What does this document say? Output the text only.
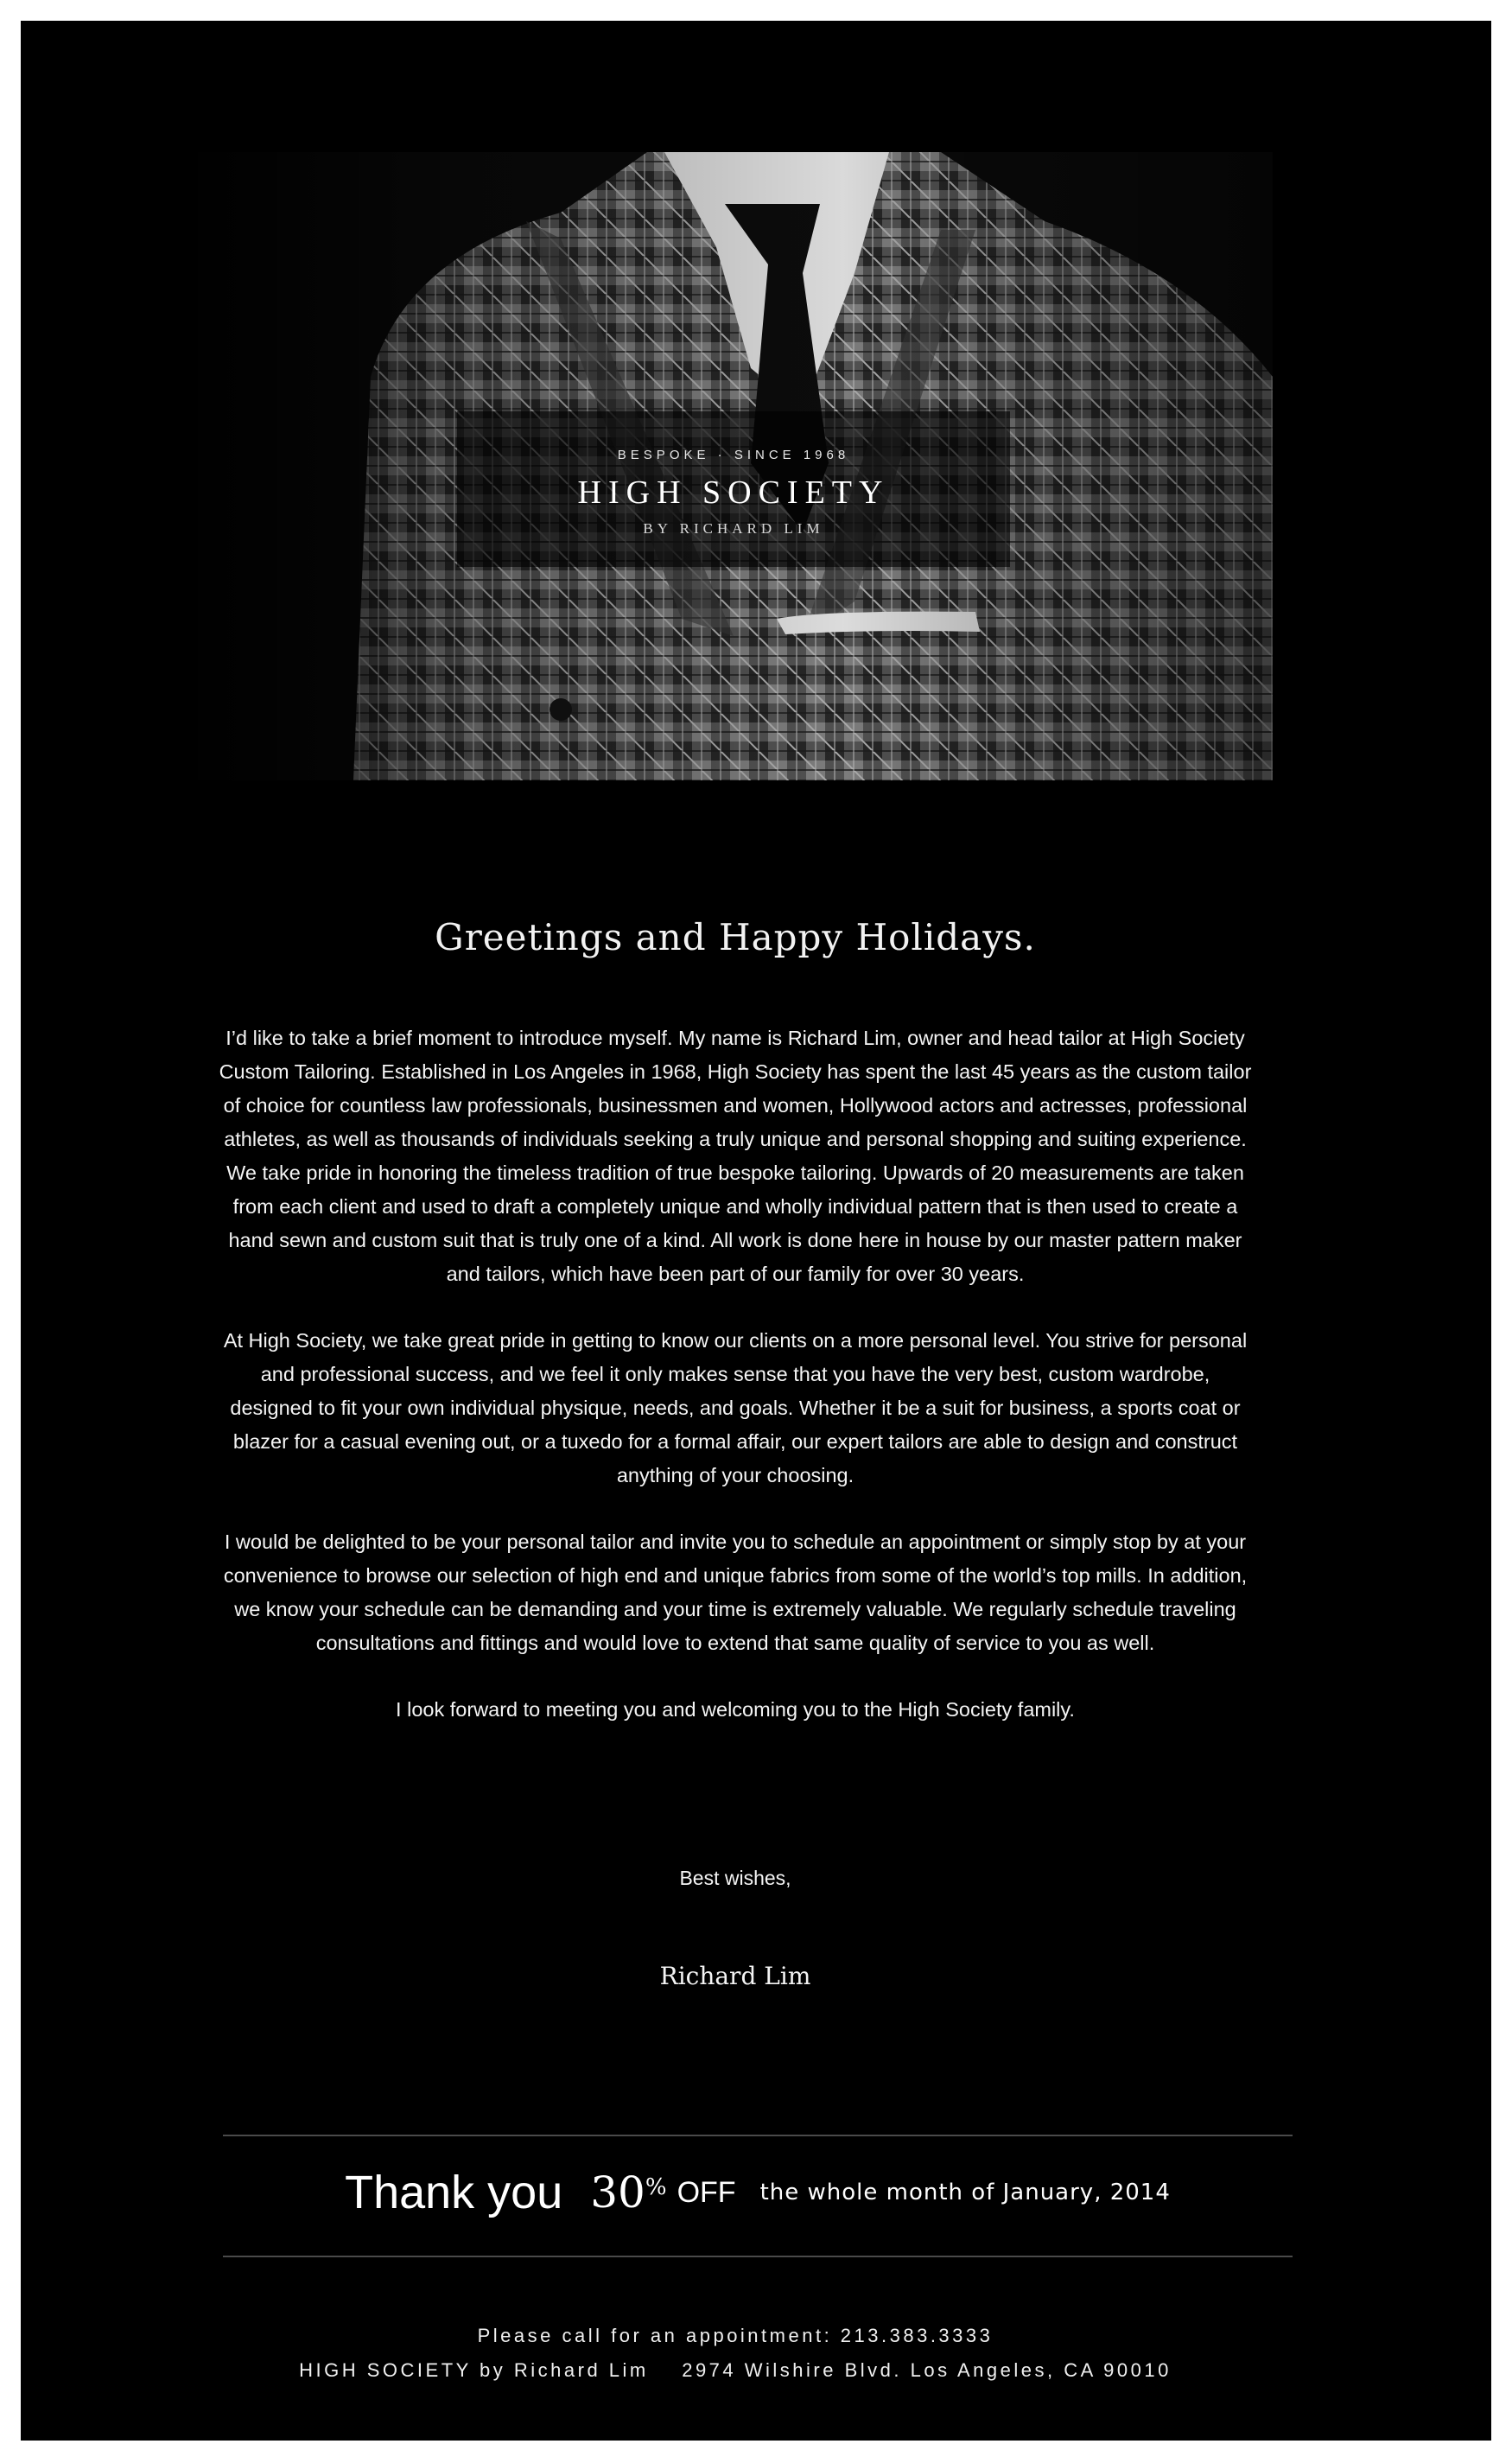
BESPOKE · SINCE 1968
HIGH SOCIETY
BY RICHARD LIM
Greetings and Happy Holidays.

I’d like to take a brief moment to introduce myself. My name is Richard Lim, owner and head tailor at High Society Custom Tailoring. Established in Los Angeles in 1968, High Society has spent the last 45 years as the custom tailor of choice for countless law professionals, businessmen and women, Hollywood actors and actresses, professional athletes, as well as thousands of individuals seeking a truly unique and personal shopping and suiting experience. We take pride in honoring the timeless tradition of true bespoke tailoring. Upwards of 20 measurements are taken from each client and used to draft a completely unique and wholly individual pattern that is then used to create a hand sewn and custom suit that is truly one of a kind. All work is done here in house by our master pattern maker and tailors, which have been part of our family for over 30 years.

At High Society, we take great pride in getting to know our clients on a more personal level. You strive for personal and professional success, and we feel it only makes sense that you have the very best, custom wardrobe, designed to fit your own individual physique, needs, and goals. Whether it be a suit for business, a sports coat or blazer for a casual evening out, or a tuxedo for a formal affair, our expert tailors are able to design and construct anything of your choosing.

I would be delighted to be your personal tailor and invite you to schedule an appointment or simply stop by at your convenience to browse our selection of high end and unique fabrics from some of the world’s top mills. In addition, we know your schedule can be demanding and your time is extremely valuable. We regularly schedule traveling consultations and fittings and would love to extend that same quality of service to you as well.

I look forward to meeting you and welcoming you to the High Society family.

Best wishes,
Richard Lim
Thank you 30 % OFF the whole month of January, 2014
Please call for an appointment: 213.383.3333
HIGH SOCIETY by Richard Lim    2974 Wilshire Blvd. Los Angeles, CA 90010
